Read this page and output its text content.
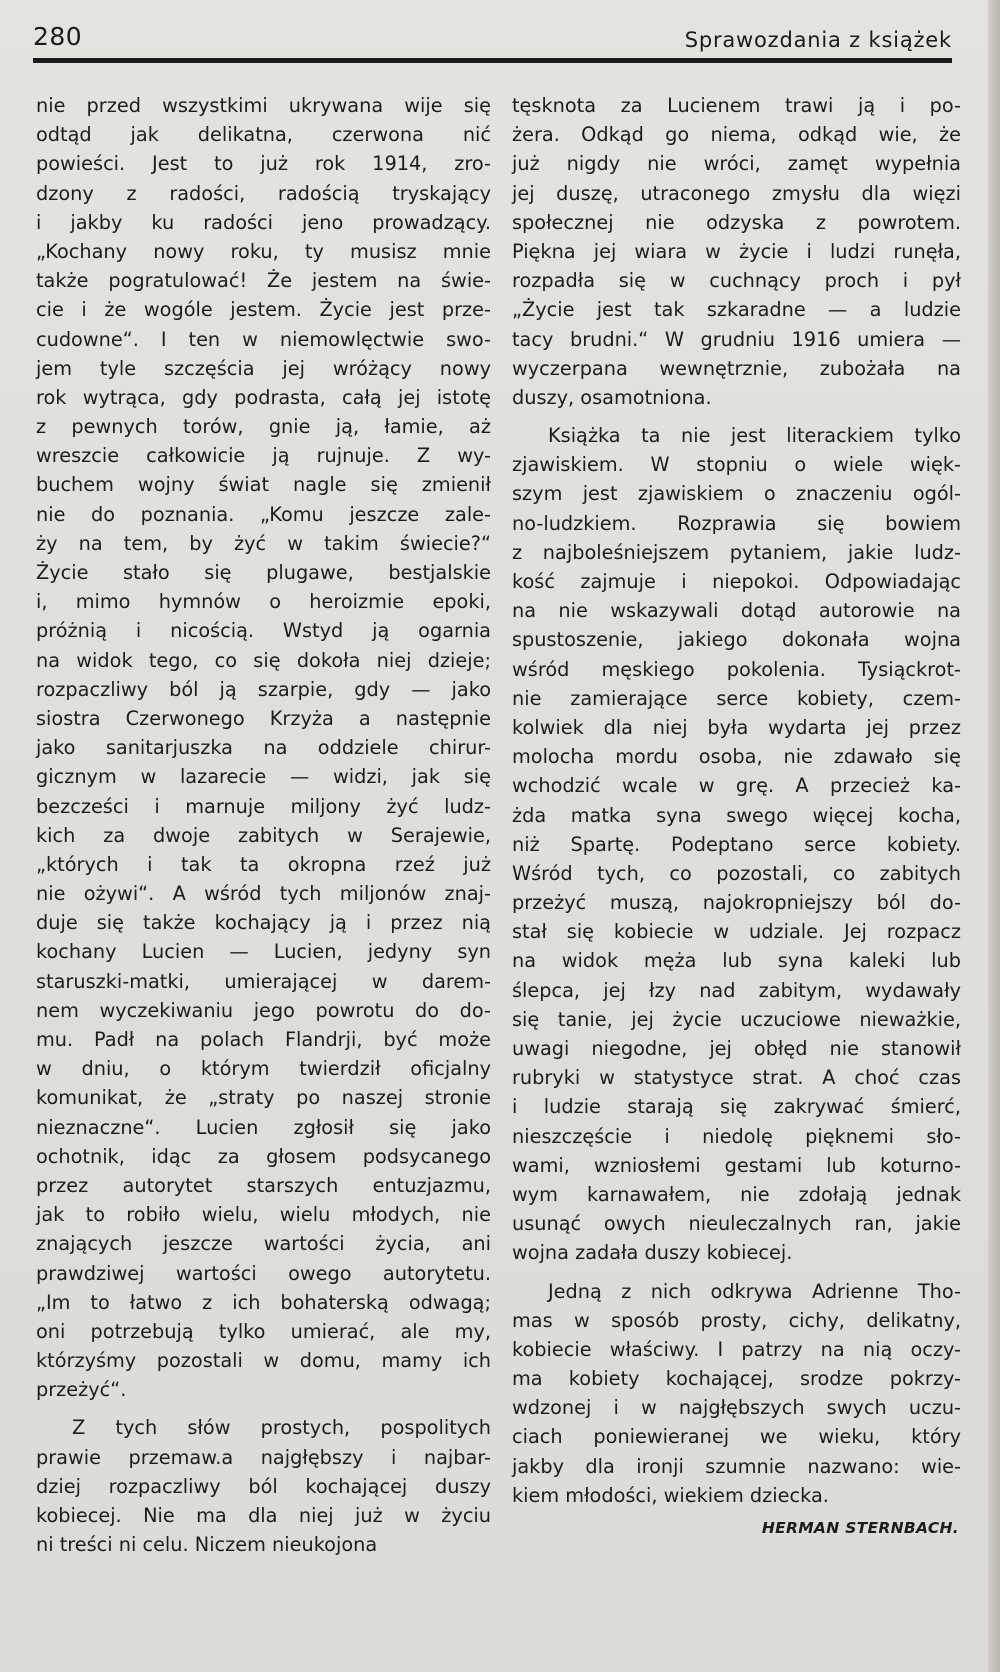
280	Sprawozdania z książek
nie przed wszystkimi ukrywana wije się
odtąd jak delikatna, czerwona nić
powieści. Jest to już rok 1914, zro-
dzony z radości, radością tryskający
i jakby ku radości jeno prowadzący.
„Kochany nowy roku, ty musisz mnie
także pogratulować! Że jestem na świe-
cie i że wogóle jestem. Życie jest prze-
cudowne“. I ten w niemowlęctwie swo-
jem tyle szczęścia jej wróżący nowy
rok wytrąca, gdy podrasta, całą jej istotę
z pewnych torów, gnie ją, łamie, aż
wreszcie całkowicie ją rujnuje. Z wy-
buchem wojny świat nagle się zmienił
nie do poznania. „Komu jeszcze zale-
ży na tem, by żyć w takim świecie?“
Życie stało się plugawe, bestjalskie
i, mimo hymnów o heroizmie epoki,
próżnią i nicością. Wstyd ją ogarnia
na widok tego, co się dokoła niej dzieje;
rozpaczliwy ból ją szarpie, gdy — jako
siostra Czerwonego Krzyża a następnie
jako sanitarjuszka na oddziele chirur-
gicznym w lazarecie — widzi, jak się
bezcześci i marnuje miljony żyć ludz-
kich za dwoje zabitych w Serajewie,
„których i tak ta okropna rzeź już
nie ożywi“. A wśród tych miljonów znaj-
duje się także kochający ją i przez nią
kochany Lucien — Lucien, jedyny syn
staruszki-matki, umierającej w darem-
nem wyczekiwaniu jego powrotu do do-
mu. Padł na polach Flandrji, być może
w dniu, o którym twierdził oficjalny
komunikat, że „straty po naszej stronie
nieznaczne“. Lucien zgłosił się jako
ochotnik, idąc za głosem podsycanego
przez autorytet starszych entuzjazmu,
jak to robiło wielu, wielu młodych, nie
znających jeszcze wartości życia, ani
prawdziwej wartości owego autorytetu.
„Im to łatwo z ich bohaterską odwagą;
oni potrzebują tylko umierać, ale my,
którzyśmy pozostali w domu, mamy ich
przeżyć“.
Z tych słów prostych, pospolitych
prawie przemaw.a najgłębszy i najbar-
dziej rozpaczliwy ból kochającej duszy
kobiecej. Nie ma dla niej już w życiu
ni treści ni celu. Niczem nieukojona
tęsknota za Lucienem trawi ją i po-
żera. Odkąd go niema, odkąd wie, że
już nigdy nie wróci, zamęt wypełnia
jej duszę, utraconego zmysłu dla więzi
społecznej nie odzyska z powrotem.
Piękna jej wiara w życie i ludzi runęła,
rozpadła się w cuchnący proch i pył
„Życie jest tak szkaradne — a ludzie
tacy brudni.“ W grudniu 1916 umiera —
wyczerpana wewnętrznie, zubożała na
duszy, osamotniona.
Książka ta nie jest literackiem tylko
zjawiskiem. W stopniu o wiele więk-
szym jest zjawiskiem o znaczeniu ogól-
no-ludzkiem. Rozprawia się bowiem
z najboleśniejszem pytaniem, jakie ludz-
kość zajmuje i niepokoi. Odpowiadając
na nie wskazywali dotąd autorowie na
spustoszenie, jakiego dokonała wojna
wśród męskiego pokolenia. Tysiąckrot-
nie zamierające serce kobiety, czem-
kolwiek dla niej była wydarta jej przez
molocha mordu osoba, nie zdawało się
wchodzić wcale w grę. A przecież ka-
żda matka syna swego więcej kocha,
niż Spartę. Podeptano serce kobiety.
Wśród tych, co pozostali, co zabitych
przeżyć muszą, najokropniejszy ból do-
stał się kobiecie w udziale. Jej rozpacz
na widok męża lub syna kaleki lub
ślepca, jej łzy nad zabitym, wydawały
się tanie, jej życie uczuciowe nieważkie,
uwagi niegodne, jej obłęd nie stanowił
rubryki w statystyce strat. A choć czas
i ludzie starają się zakrywać śmierć,
nieszczęście i niedolę pięknemi sło-
wami, wzniosłemi gestami lub koturno-
wym karnawałem, nie zdołają jednak
usunąć owych nieuleczalnych ran, jakie
wojna zadała duszy kobiecej.
Jedną z nich odkrywa Adrienne Tho-
mas w sposób prosty, cichy, delikatny,
kobiecie właściwy. I patrzy na nią oczy-
ma kobiety kochającej, srodze pokrzy-
wdzonej i w najgłębszych swych uczu-
ciach poniewieranej we wieku, który
jakby dla ironji szumnie nazwano: wie-
kiem młodości, wiekiem dziecka.
HERMAN STERNBACH.
